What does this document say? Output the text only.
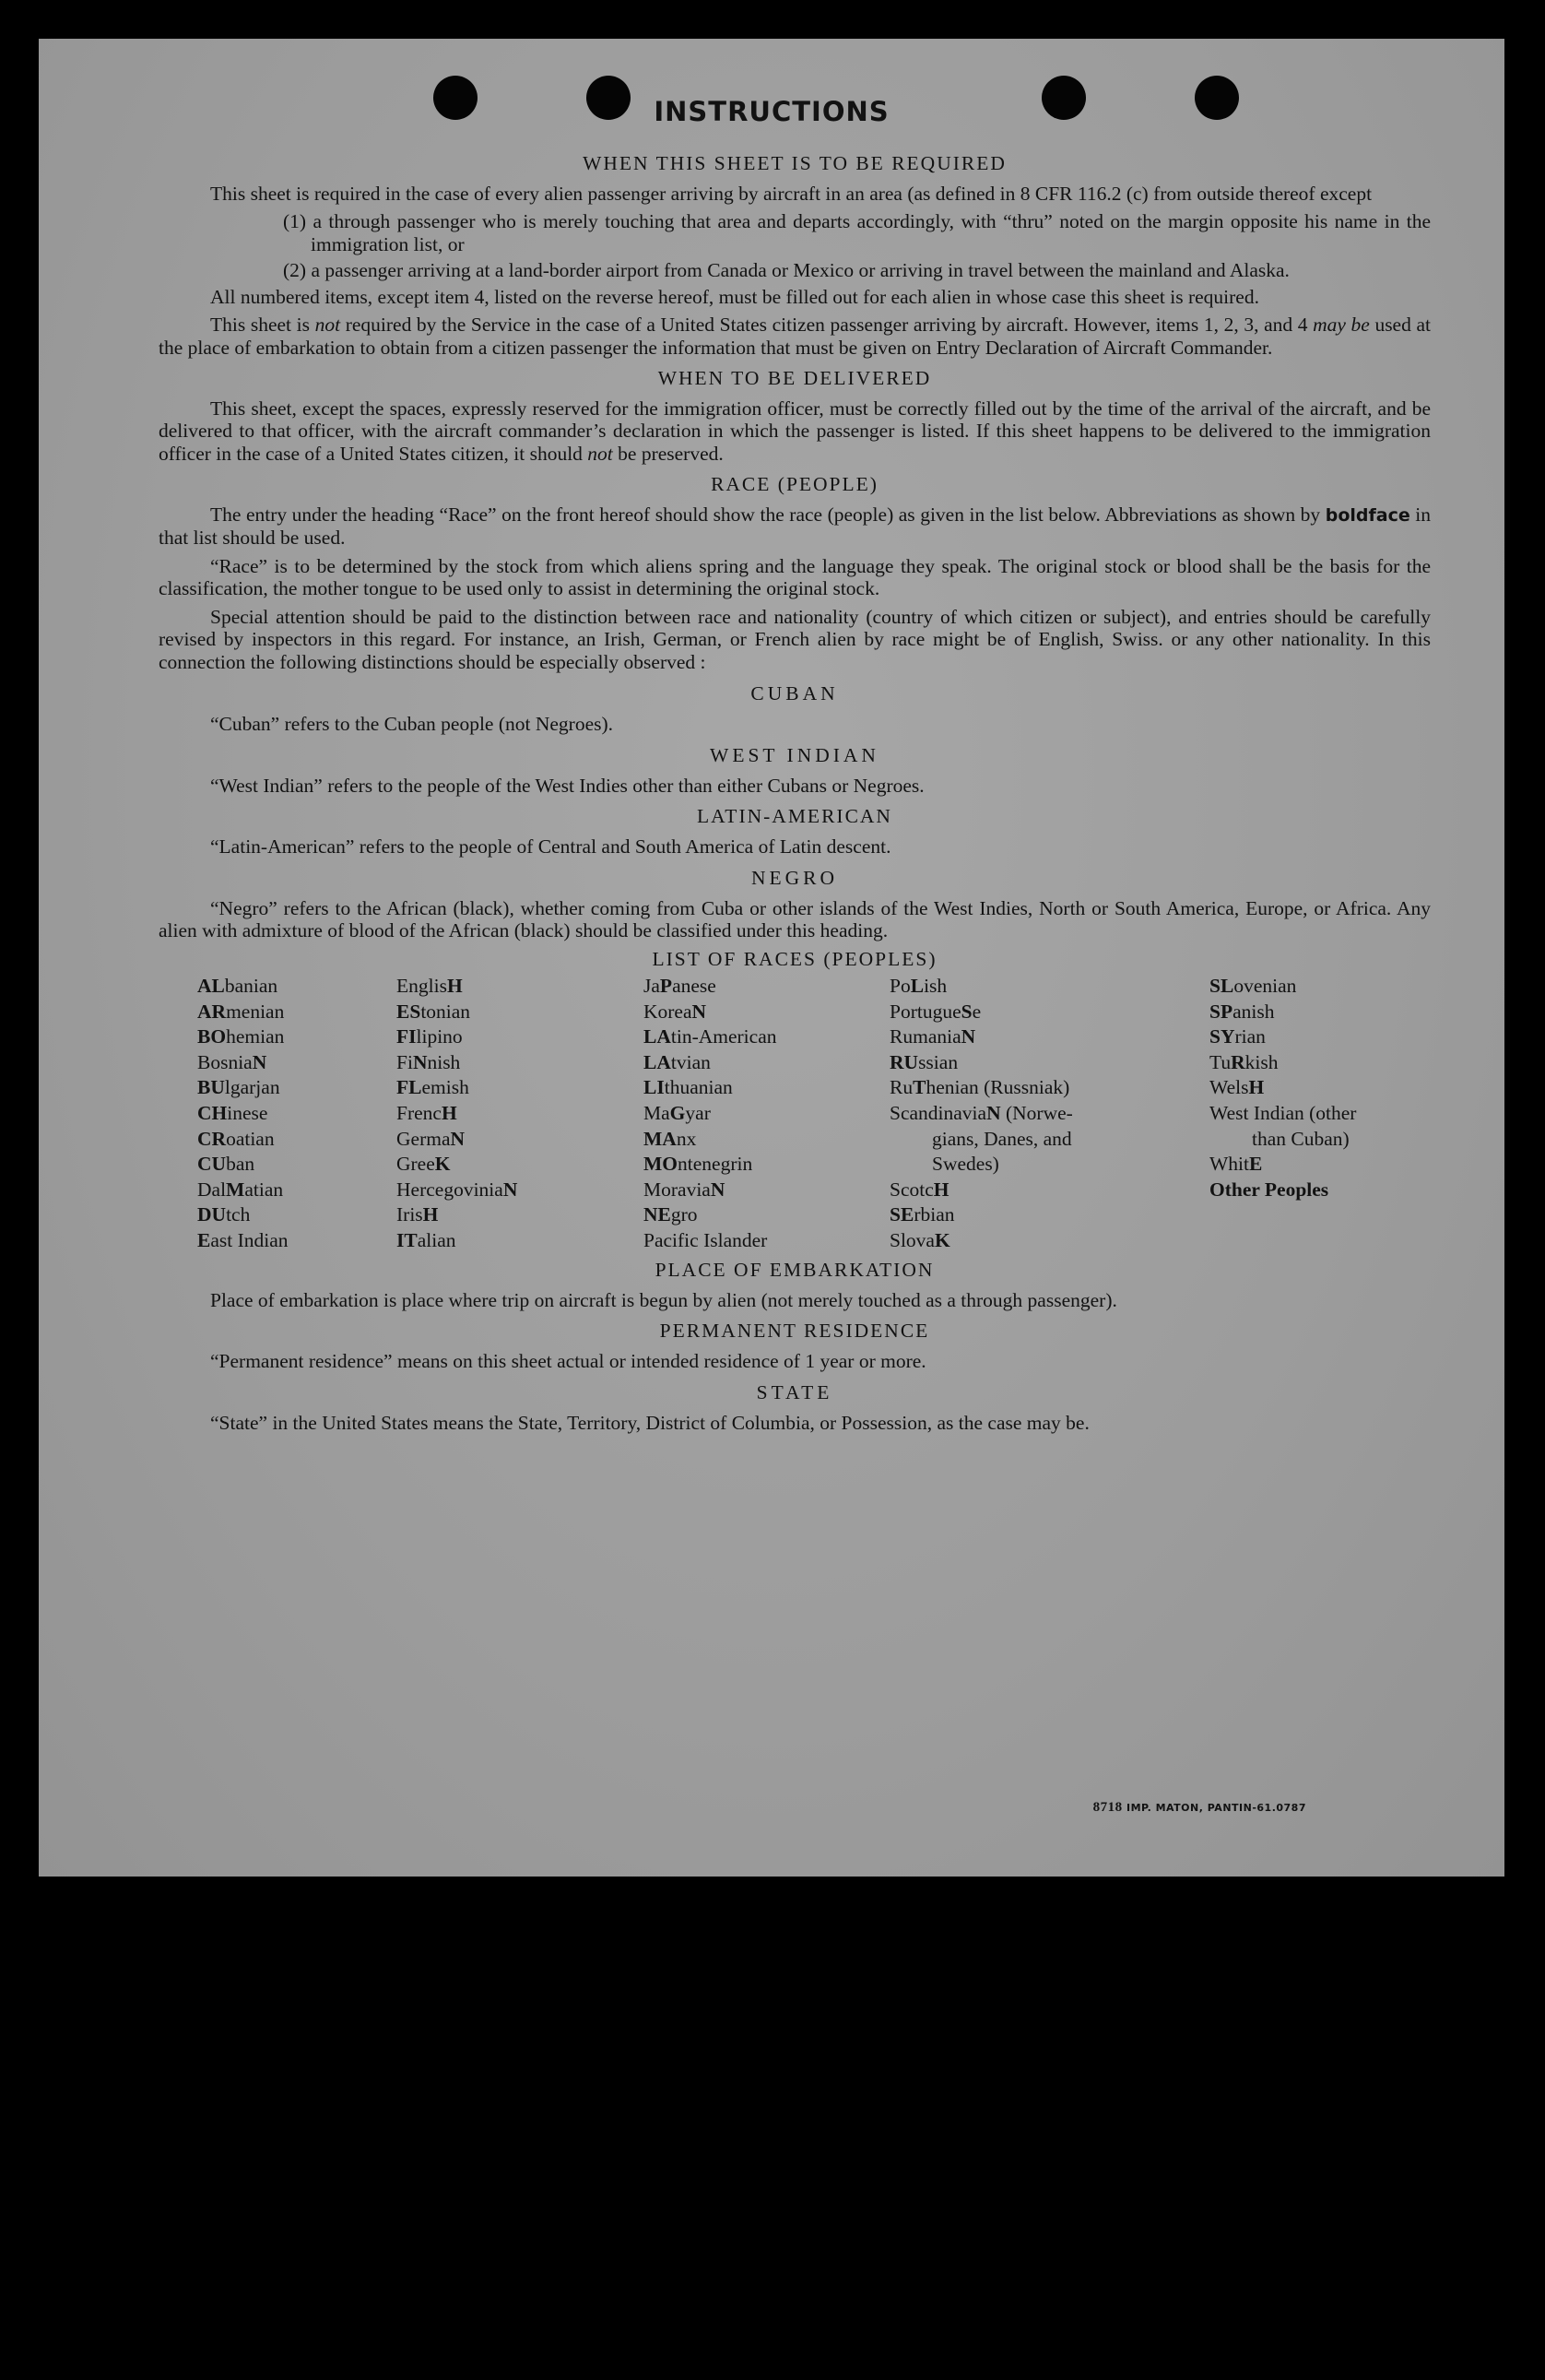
INSTRUCTIONS
WHEN THIS SHEET IS TO BE REQUIRED

This sheet is required in the case of every alien passenger arriving by aircraft in an area (as defined in 8 CFR 116.2 (c) from outside thereof except

(1) a through passenger who is merely touching that area and departs accordingly, with “thru” noted on the margin opposite his name in the immigration list, or

(2) a passenger arriving at a land-border airport from Canada or Mexico or arriving in travel between the mainland and Alaska.

All numbered items, except item 4, listed on the reverse hereof, must be filled out for each alien in whose case this sheet is required.

This sheet is not required by the Service in the case of a United States citizen passenger arriving by aircraft. However, items 1, 2, 3, and 4 may be used at the place of embarkation to obtain from a citizen passenger the information that must be given on Entry Declaration of Aircraft Commander.

WHEN TO BE DELIVERED

This sheet, except the spaces, expressly reserved for the immigration officer, must be correctly filled out by the time of the arrival of the aircraft, and be delivered to that officer, with the aircraft commander’s declaration in which the passenger is listed. If this sheet happens to be delivered to the immigration officer in the case of a United States citizen, it should not be preserved.

RACE (PEOPLE)

The entry under the heading “Race” on the front hereof should show the race (people) as given in the list below. Abbreviations as shown by boldface in that list should be used.

“Race” is to be determined by the stock from which aliens spring and the language they speak. The original stock or blood shall be the basis for the classification, the mother tongue to be used only to assist in determining the original stock.

Special attention should be paid to the distinction between race and nationality (country of which citizen or subject), and entries should be carefully revised by inspectors in this regard. For instance, an Irish, German, or French alien by race might be of English, Swiss. or any other nationality. In this connection the following distinctions should be especially observed :

CUBAN

“Cuban” refers to the Cuban people (not Negroes).

WEST INDIAN

“West Indian” refers to the people of the West Indies other than either Cubans or Negroes.

LATIN-AMERICAN

“Latin-American” refers to the people of Central and South America of Latin descent.

NEGRO

“Negro” refers to the African (black), whether coming from Cuba or other islands of the West Indies, North or South America, Europe, or Africa. Any alien with admixture of blood of the African (black) should be classified under this heading.

LIST OF RACES (PEOPLES)
ALbanian
ARmenian
BOhemian
BosniaN
BUlgarjan
CHinese
CRoatian
CUban
DalMatian
DUtch
East Indian
EnglisH
EStonian
FIlipino
FiNnish
FLemish
FrencH
GermaN
GreeK
HercegoviniaN
IrisH
ITalian
JaPanese
KoreaN
LAtin-American
LAtvian
LIthuanian
MaGyar
MAnx
MOntenegrin
MoraviaN
NEgro
Pacific Islander
PoLish
PortugueSe
RumaniaN
RUssian
RuThenian (Russniak)
ScandinaviaN (Norwe-
gians, Danes, and
Swedes)
ScotcH
SErbian
SlovaK
SLovenian
SPanish
SYrian
TuRkish
WelsH
West Indian (other
than Cuban)
WhitE
Other Peoples
PLACE OF EMBARKATION

Place of embarkation is place where trip on aircraft is begun by alien (not merely touched as a through passenger).

PERMANENT RESIDENCE

“Permanent residence” means on this sheet actual or intended residence of 1 year or more.

STATE

“State” in the United States means the State, Territory, District of Columbia, or Possession, as the case may be.

8718 IMP. MATON, PANTIN-61.0787
